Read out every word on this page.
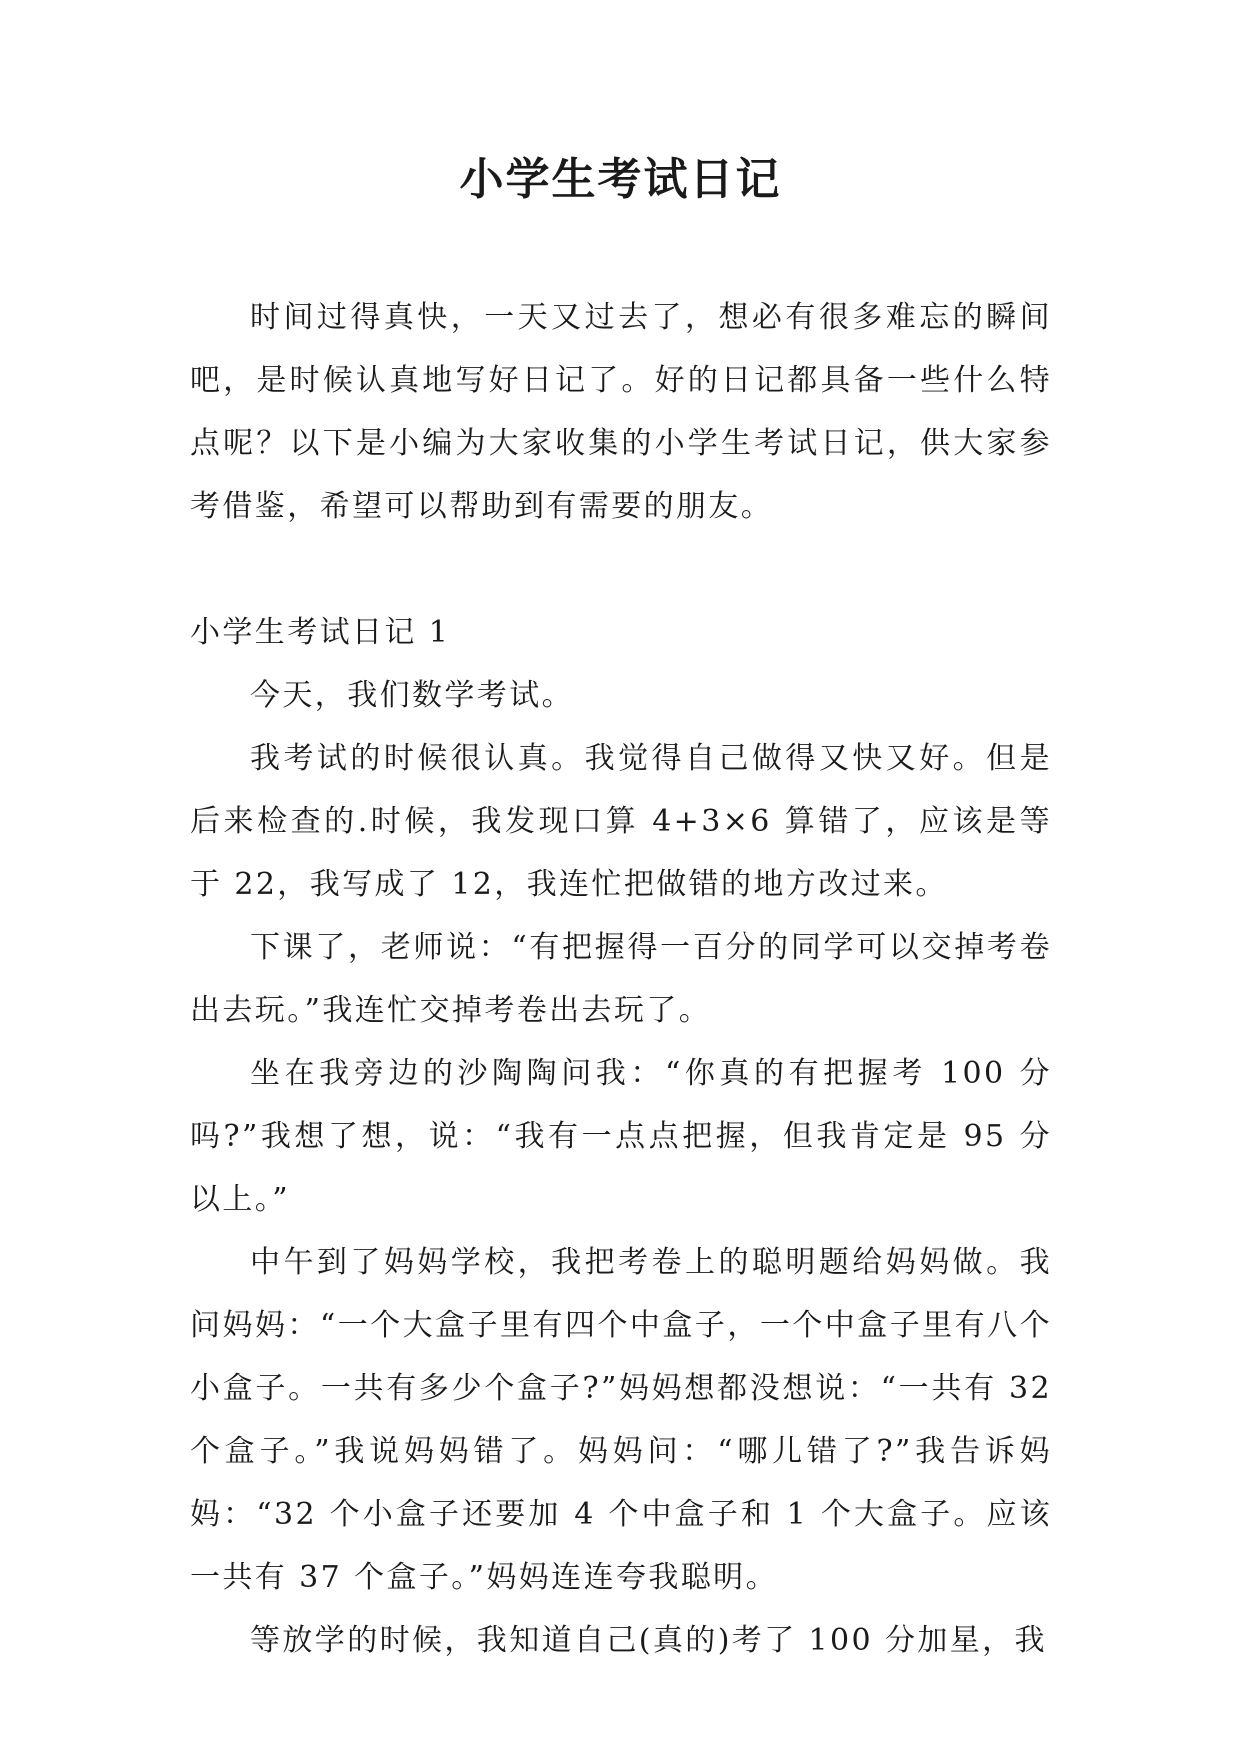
小学生考试日记

时间过得真快，一天又过去了，想必有很多难忘的瞬间吧，是时候认真地写好日记了。好的日记都具备一些什么特点呢？以下是小编为大家收集的小学生考试日记，供大家参考借鉴，希望可以帮助到有需要的朋友。

小学生考试日记 1

今天，我们数学考试。

我考试的时候很认真。我觉得自己做得又快又好。但是后来检查的.时候，我发现口算 4+3×6 算错了，应该是等于 22，我写成了 12，我连忙把做错的地方改过来。

下课了，老师说：“有把握得一百分的同学可以交掉考卷出去玩。”我连忙交掉考卷出去玩了。

坐在我旁边的沙陶陶问我：“你真的有把握考 100 分吗?”我想了想，说：“我有一点点把握，但我肯定是 95 分以上。”

中午到了妈妈学校，我把考卷上的聪明题给妈妈做。我问妈妈：“一个大盒子里有四个中盒子，一个中盒子里有八个小盒子。一共有多少个盒子?”妈妈想都没想说：“一共有 32 个盒子。”我说妈妈错了。妈妈问：“哪儿错了?”我告诉妈妈：“32 个小盒子还要加 4 个中盒子和 1 个大盒子。应该一共有 37 个盒子。”妈妈连连夸我聪明。

等放学的时候，我知道自己(真的)考了 100 分加星，我
